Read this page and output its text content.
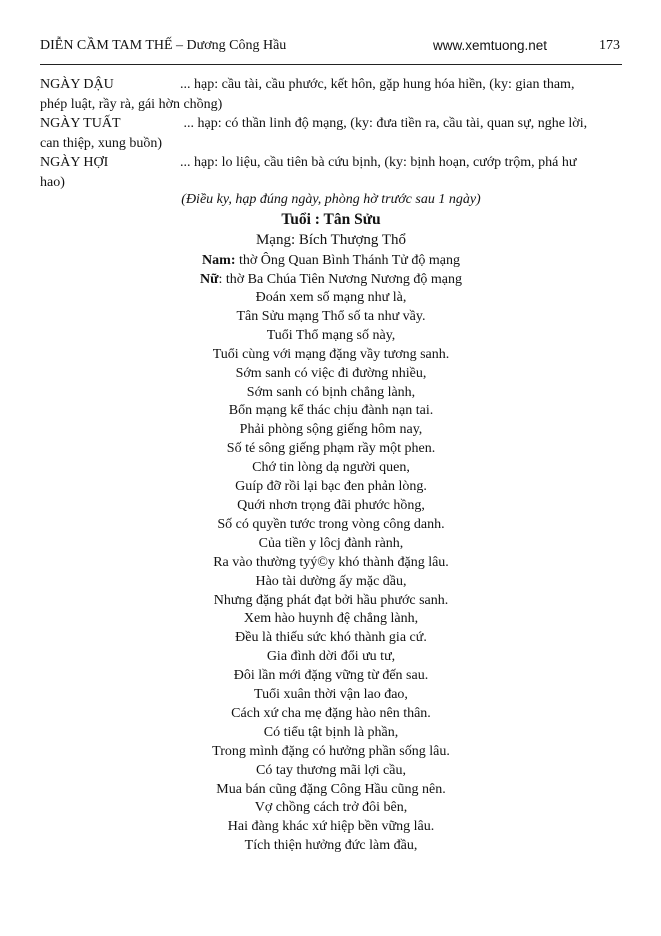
DIỄN CẦM TAM THẾ – Dương Công Hầu	www.xemtuong.net	173

NGÀY DẬU	... hạp: cầu tài, cầu phước, kết hôn, gặp hung hóa hiền, (ky: gian tham, phép luật, rầy rà, gái hờn chồng)

NGÀY TUẤT	... hạp: có thần linh độ mạng, (ky: đưa tiền ra, cầu tài, quan sự, nghe lời, can thiệp, xung buồn)

NGÀY HỢI	... hạp: lo liệu, cầu tiên bà cứu bịnh, (ky: bịnh hoạn, cướp trộm, phá hư hao)

(Điều ky, hạp đúng ngày, phòng hờ trước sau 1 ngày)

Tuổi : Tân Sửu

Mạng: Bích Thượng Thổ

Nam: thờ Ông Quan Bình Thánh Tử độ mạng

Nữ: thờ Ba Chúa Tiên Nương Nương độ mạng

Đoán xem số mạng như là,

Tân Sửu mạng Thổ số ta như vầy.

Tuổi Thổ mạng số này,

Tuổi cùng với mạng đặng vầy tương sanh.

Sớm sanh có việc đi đường nhiều,

Sớm sanh có bịnh chẳng lành,

Bổn mạng kể thác chịu đành nạn tai.

Phải phòng sộng giếng hôm nay,

Số té sông giếng phạm rầy một phen.

Chớ tin lòng dạ người quen,

Guíp đỡ rồi lại bạc đen phản lòng.

Quới nhơn trọng đãi phước hồng,

Số có quyền tước trong vòng công danh.

Của tiền y lôcj đành rành,

Ra vào thường tyý©y khó thành đặng lâu.

Hào tài dường ấy mặc dầu,

Nhưng đặng phát đạt bởi hầu phước sanh.

Xem hào huynh đệ chẳng lành,

Đều là thiếu sức khó thành gia cứ.

Gia đình dời đổi ưu tư,

Đôi lần mới đặng vững từ đến sau.

Tuổi xuân thời vận lao đao,

Cách xứ cha mẹ đặng hào nên thân.

Có tiểu tật bịnh là phần,

Trong mình đặng có hưởng phần sống lâu.

Có tay thương mãi lợi cầu,

Mua bán cũng đặng Công Hầu cũng nên.

Vợ chồng cách trở đôi bên,

Hai đàng khác xứ hiệp bền vững lâu.

Tích thiện hưởng đức làm đầu,
